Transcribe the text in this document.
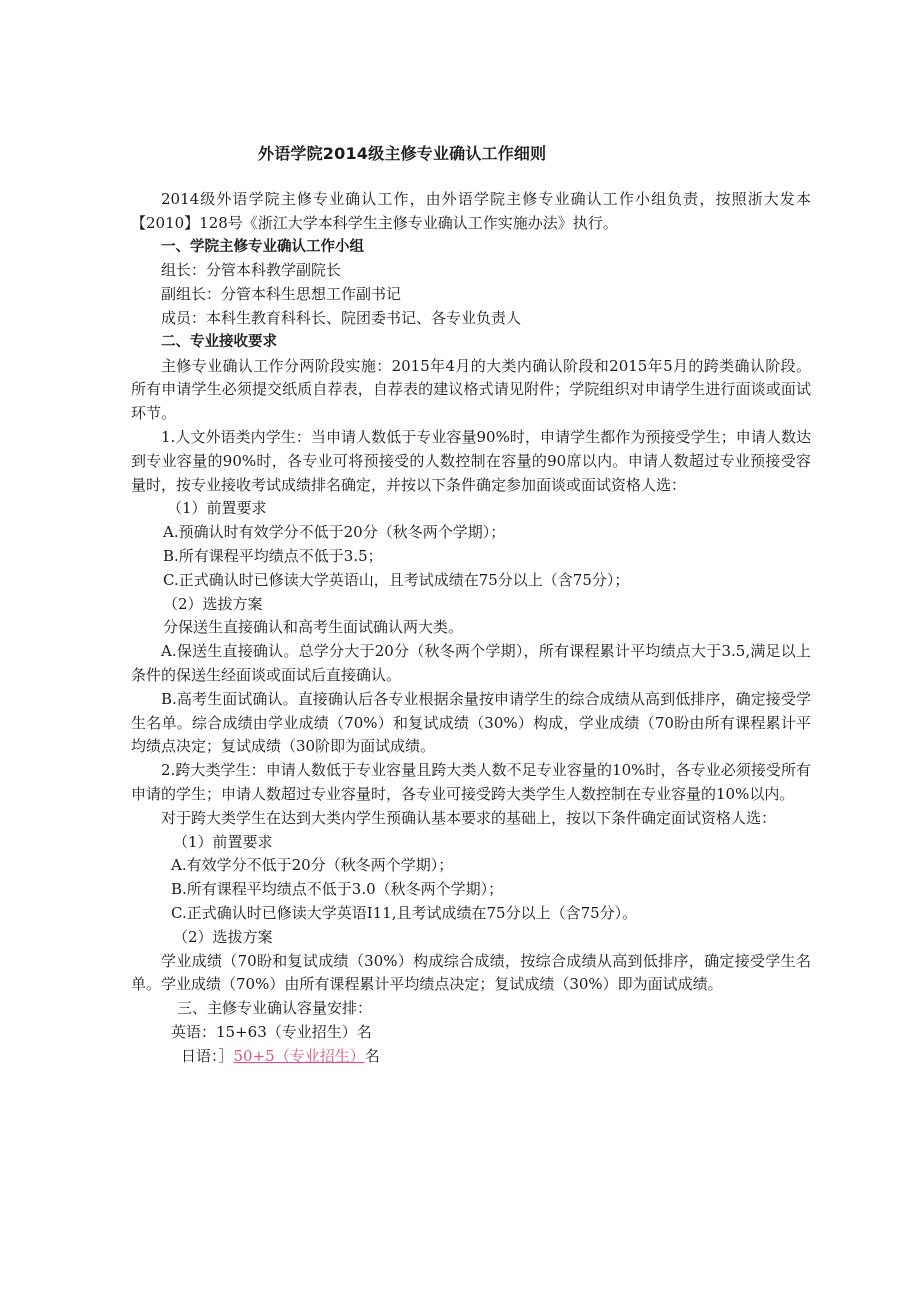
外语学院2014级主修专业确认工作细则

2014级外语学院主修专业确认工作，由外语学院主修专业确认工作小组负责，按照浙大发本【2010】128号《浙江大学本科学生主修专业确认工作实施办法》执行。

一、学院主修专业确认工作小组

组长：分管本科教学副院长

副组长：分管本科生思想工作副书记

成员：本科生教育科科长、院团委书记、各专业负责人

二、专业接收要求

主修专业确认工作分两阶段实施：2015年4月的大类内确认阶段和2015年5月的跨类确认阶段。所有申请学生必须提交纸质自荐表，自荐表的建议格式请见附件；学院组织对申请学生进行面谈或面试环节。

1.人文外语类内学生：当申请人数低于专业容量90%时，申请学生都作为预接受学生；申请人数达到专业容量的90%时，各专业可将预接受的人数控制在容量的90席以内。申请人数超过专业预接受容量时，按专业接收考试成绩排名确定，并按以下条件确定参加面谈或面试资格人选：

（1）前置要求

A.预确认时有效学分不低于20分（秋冬两个学期）；

B.所有课程平均绩点不低于3.5；

C.正式确认时已修读大学英语山，且考试成绩在75分以上（含75分）；

（2）选拔方案

分保送生直接确认和高考生面试确认两大类。

A.保送生直接确认。总学分大于20分（秋冬两个学期），所有课程累计平均绩点大于3.5,满足以上条件的保送生经面谈或面试后直接确认。

B.高考生面试确认。直接确认后各专业根据余量按申请学生的综合成绩从高到低排序，确定接受学生名单。综合成绩由学业成绩（70%）和复试成绩（30%）构成，学业成绩（70盼由所有课程累计平均绩点决定；复试成绩（30阶即为面试成绩。

2.跨大类学生：申请人数低于专业容量且跨大类人数不足专业容量的10%时，各专业必须接受所有申请的学生；申请人数超过专业容量时，各专业可接受跨大类学生人数控制在专业容量的10%以内。

对于跨大类学生在达到大类内学生预确认基本要求的基础上，按以下条件确定面试资格人选：

（1）前置要求

A.有效学分不低于20分（秋冬两个学期）；

B.所有课程平均绩点不低于3.0（秋冬两个学期）；

C.正式确认时已修读大学英语I11,且考试成绩在75分以上（含75分）。

（2）选拔方案

学业成绩（70盼和复试成绩（30%）构成综合成绩，按综合成绩从高到低排序，确定接受学生名单。学业成绩（70%）由所有课程累计平均绩点决定；复试成绩（30%）即为面试成绩。

三、主修专业确认容量安排：

英语：15+63（专业招生）名

日语：］50+5（专业招生）名
